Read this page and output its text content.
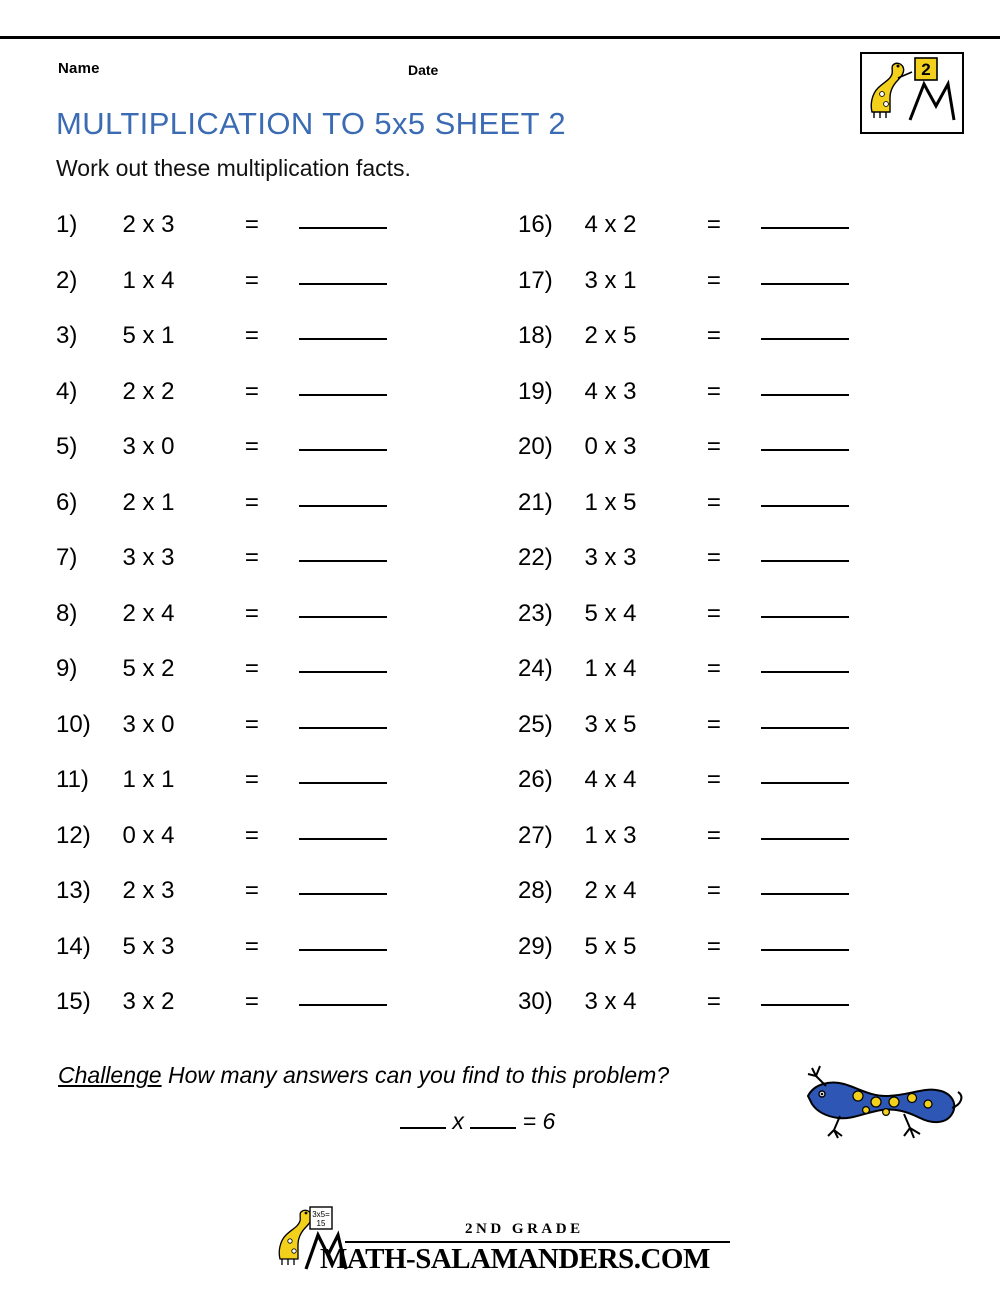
Name	Date
MULTIPLICATION TO 5x5 SHEET 2
Work out these multiplication facts.
2
1) 2 x 3	=
2) 1 x 4	=
3) 5 x 1	=
4) 2 x 2	=
5) 3 x 0	=
6) 2 x 1	=
7) 3 x 3	=
8) 2 x 4	=
9) 5 x 2	=
10) 3 x 0	=
11) 1 x 1	=
12) 0 x 4	=
13) 2 x 3	=
14) 5 x 3	=
15) 3 x 2	=
16) 4 x 2	=
17) 3 x 1	=
18) 2 x 5	=
19) 4 x 3	=
20) 0 x 3	=
21) 1 x 5	=
22) 3 x 3	=
23) 5 x 4	=
24) 1 x 4	=
25) 3 x 5	=
26) 4 x 4	=
27) 1 x 3	=
28) 2 x 4	=
29) 5 x 5	=
30) 3 x 4	=
Challenge How many answers can you find to this problem?
x	= 6
3x5=
15	2ND GRADE
MATH-SALAMANDERS.COM
